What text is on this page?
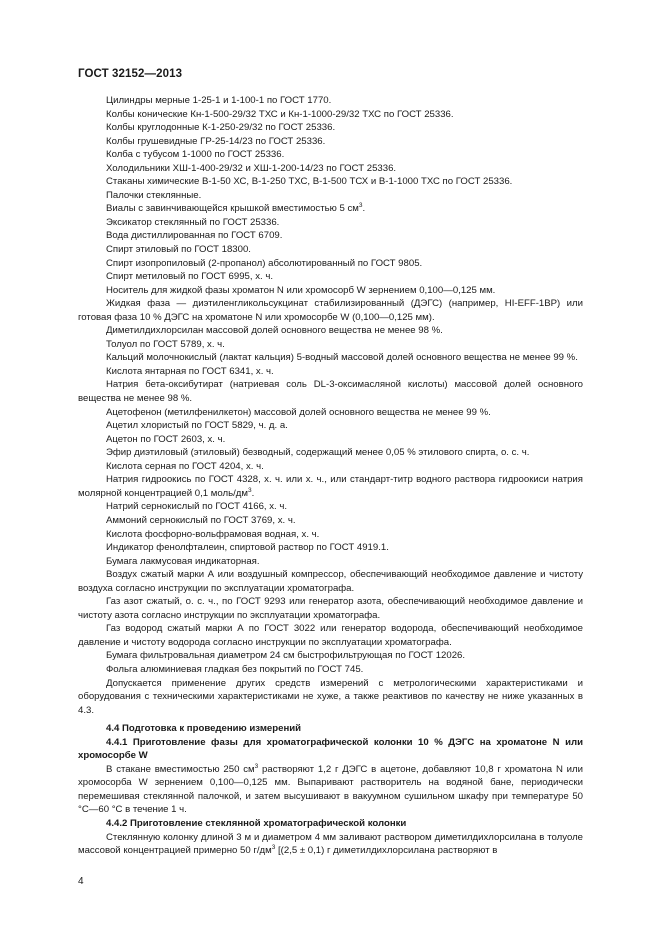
ГОСТ 32152—2013

Цилиндры мерные 1-25-1 и 1-100-1 по ГОСТ 1770.

Колбы конические Кн-1-500-29/32 ТХС и Кн-1-1000-29/32 ТХС по ГОСТ 25336.

Колбы круглодонные К-1-250-29/32 по ГОСТ 25336.

Колбы грушевидные ГР-25-14/23 по ГОСТ 25336.

Колба с тубусом 1-1000 по ГОСТ 25336.

Холодильники ХШ-1-400-29/32 и ХШ-1-200-14/23 по ГОСТ 25336.

Стаканы химические В-1-50 ХС, В-1-250 ТХС, В-1-500 ТСХ и В-1-1000 ТХС по ГОСТ 25336.

Палочки стеклянные.

Виалы с завинчивающейся крышкой вместимостью 5 $см^3$.

Эксикатор стеклянный по ГОСТ 25336.

Вода дистиллированная по ГОСТ 6709.

Спирт этиловый по ГОСТ 18300.

Спирт изопропиловый (2-пропанол) абсолютированный по ГОСТ 9805.

Спирт метиловый по ГОСТ 6995, х. ч.

Носитель для жидкой фазы хроматон N или хромосорб W зернением 0,100—0,125 мм.

Жидкая фаза — диэтиленгликольсукцинат стабилизированный (ДЭГС) (например, HI-EFF-1BP) или готовая фаза 10 % ДЭГС на хроматоне N или хромосорбе W (0,100—0,125 мм).

Диметилдихлорсилан массовой долей основного вещества не менее 98 %.

Толуол по ГОСТ 5789, х. ч.

Кальций молочнокислый (лактат кальция) 5-водный массовой долей основного вещества не менее 99 %.

Кислота янтарная по ГОСТ 6341, х. ч.

Натрия бета-оксибутират (натриевая соль DL-3-оксимасляной кислоты) массовой долей основного вещества не менее 98 %.

Ацетофенон (метилфенилкетон) массовой долей основного вещества не менее 99 %.

Ацетил хлористый по ГОСТ 5829, ч. д. а.

Ацетон по ГОСТ 2603, х. ч.

Эфир диэтиловый (этиловый) безводный, содержащий менее 0,05 % этилового спирта, о. с. ч.

Кислота серная по ГОСТ 4204, х. ч.

Натрия гидроокись по ГОСТ 4328, х. ч. или х. ч., или стандарт-титр водного раствора гидроокиси натрия молярной концентрацией 0,1 моль/$дм^3$.

Натрий сернокислый по ГОСТ 4166, х. ч.

Аммоний сернокислый по ГОСТ 3769, х. ч.

Кислота фосфорно-вольфрамовая водная, х. ч.

Индикатор фенолфталеин, спиртовой раствор по ГОСТ 4919.1.

Бумага лакмусовая индикаторная.

Воздух сжатый марки А или воздушный компрессор, обеспечивающий необходимое давление и чистоту воздуха согласно инструкции по эксплуатации хроматографа.

Газ азот сжатый, о. с. ч., по ГОСТ 9293 или генератор азота, обеспечивающий необходимое давление и чистоту азота согласно инструкции по эксплуатации хроматографа.

Газ водород сжатый марки А по ГОСТ 3022 или генератор водорода, обеспечивающий необходимое давление и чистоту водорода согласно инструкции по эксплуатации хроматографа.

Бумага фильтровальная диаметром 24 см быстрофильтрующая по ГОСТ 12026.

Фольга алюминиевая гладкая без покрытий по ГОСТ 745.

Допускается применение других средств измерений с метрологическими характеристиками и оборудования с техническими характеристиками не хуже, а также реактивов по качеству не ниже указанных в 4.3.

4.4 Подготовка к проведению измерений

4.4.1 Приготовление фазы для хроматографической колонки 10 % ДЭГС на хроматоне N или хромосорбе W

В стакане вместимостью 250 $см^3$ растворяют 1,2 г ДЭГС в ацетоне, добавляют 10,8 г хроматона N или хромосорба W зернением 0,100—0,125 мм. Выпаривают растворитель на водяной бане, периодически перемешивая стеклянной палочкой, и затем высушивают в вакуумном сушильном шкафу при температуре 50 °С—60 °С в течение 1 ч.

4.4.2 Приготовление стеклянной хроматографической колонки

Стеклянную колонку длиной 3 м и диаметром 4 мм заливают раствором диметилдихлорсилана в толуоле массовой концентрацией примерно 50 $г/дм^3$ [(2,5 ± 0,1) г диметилдихлорсилана растворяют в

4
